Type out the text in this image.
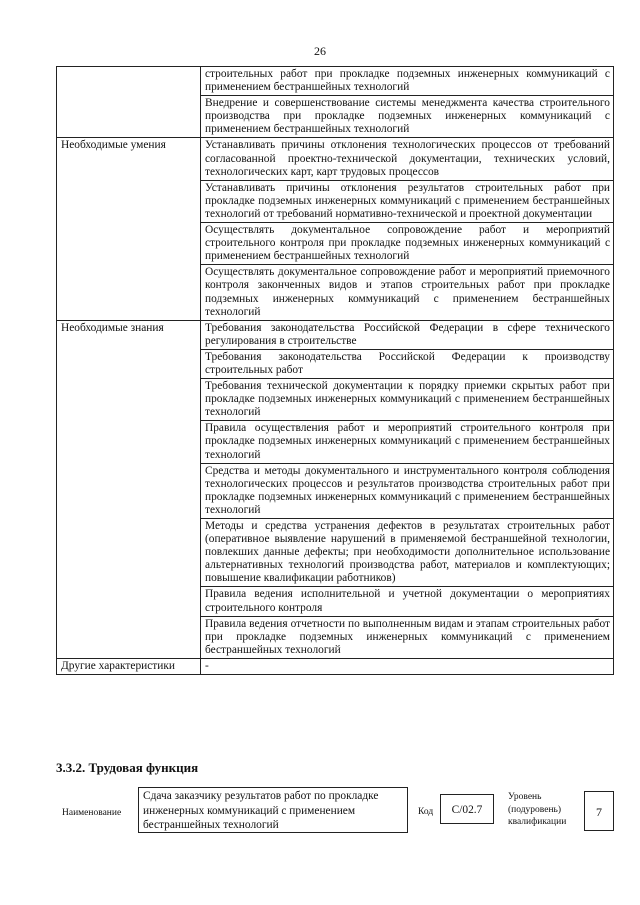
26
	строительных работ при прокладке подземных инженерных коммуникаций с применением бестраншейных технологий
	Внедрение и совершенствование системы менеджмента качества строительного производства при прокладке подземных инженерных коммуникаций с применением бестраншейных технологий
Необходимые умения	Устанавливать причины отклонения технологических процессов от требований согласованной проектно-технической документации, технических условий, технологических карт, карт трудовых процессов
	Устанавливать причины отклонения результатов строительных работ при прокладке подземных инженерных коммуникаций с применением бестраншейных технологий от требований нормативно-технической и проектной документации
	Осуществлять документальное сопровождение работ и мероприятий строительного контроля при прокладке подземных инженерных коммуникаций с применением бестраншейных технологий
	Осуществлять документальное сопровождение работ и мероприятий приемочного контроля законченных видов и этапов строительных работ при прокладке подземных инженерных коммуникаций с применением бестраншейных технологий
Необходимые знания	Требования законодательства Российской Федерации в сфере технического регулирования в строительстве
	Требования законодательства Российской Федерации к производству строительных работ
	Требования технической документации к порядку приемки скрытых работ при прокладке подземных инженерных коммуникаций с применением бестраншейных технологий
	Правила осуществления работ и мероприятий строительного контроля при прокладке подземных инженерных коммуникаций с применением бестраншейных технологий
	Средства и методы документального и инструментального контроля соблюдения технологических процессов и результатов производства строительных работ при прокладке подземных инженерных коммуникаций с применением бестраншейных технологий
	Методы и средства устранения дефектов в результатах строительных работ (оперативное выявление нарушений в применяемой бестраншейной технологии, повлекших данные дефекты; при необходимости дополнительное использование альтернативных технологий производства работ, материалов и комплектующих; повышение квалификации работников)
	Правила ведения исполнительной и учетной документации о мероприятиях строительного контроля
	Правила ведения отчетности по выполненным видам и этапам строительных работ при прокладке подземных инженерных коммуникаций с применением бестраншейных технологий
Другие характеристики	-
3.3.2. Трудовая функция
Наименование
Сдача заказчику результатов работ по прокладке инженерных коммуникаций с применением бестраншейных технологий
Код	С/02.7
Уровень (подуровень) квалификации
7
